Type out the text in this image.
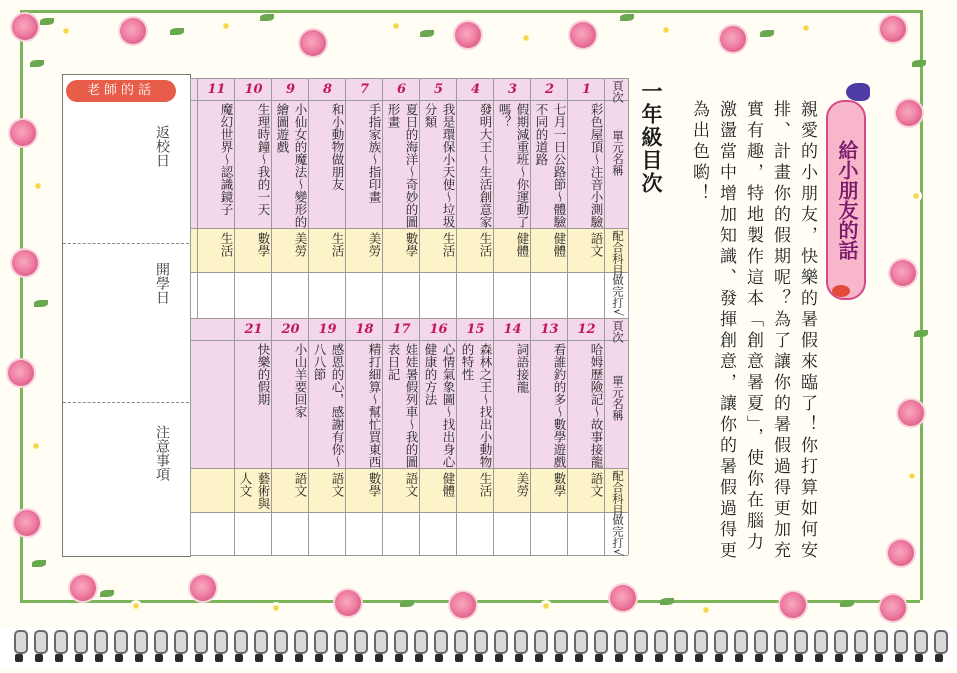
老師的話
返校日
開學日
注意事項
頁次
單元名稱
配合科目
做完打√
頁次
單元名稱
配合科目
做完打√
1
彩色屋頂～注音小測驗
語文
2
七月一日公路節～體驗不同的道路
健體
3
假期減重班～你運動了嗎？
健體
4
發明大王～生活創意家
生活
5
我是環保小天使～垃圾分類
生活
6
夏日的海洋～奇妙的圖形畫
數學
7
手指家族～指印畫
美勞
8
和小動物做朋友
生活
9
小仙女的魔法～變形的繪圖遊戲
美勞
10
生理時鐘～我的一天
數學
11
魔幻世界～認識鏡子
生活
12
哈姆歷險記～故事接龍
語文
13
看誰釣的多～數學遊戲
數學
14
詞語接龍
美勞
15
森林之王～找出小動物的特性
生活
16
心情氣象圖～找出身心健康的方法
健體
17
娃娃暑假列車～我的圖表日記
語文
18
精打細算～幫忙買東西
數學
19
感恩的心，感謝有你～八八節
語文
20
小山羊要回家
語文
21
快樂的假期
藝術與人文
一年級目次
給小朋友的話
親愛的小朋友，快樂的暑假來臨了！你打算如何安排、計畫你的假期呢？為了讓你的暑假過得更加充實有趣，特地製作這本「創意暑夏」，使你在腦力激盪當中增加知識、發揮創意，讓你的暑假過得更為出色喲！
